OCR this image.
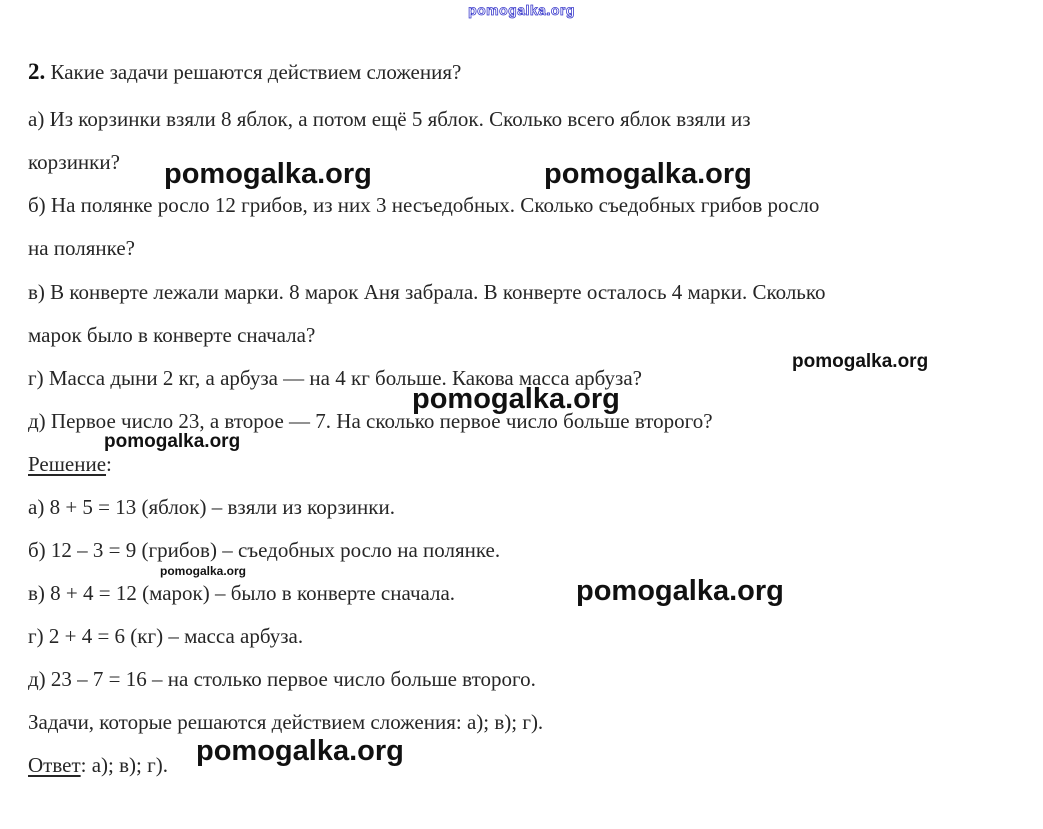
pomogalka.org
2. Какие задачи решаются действием сложения?
а) Из корзинки взяли 8 яблок, а потом ещё 5 яблок. Сколько всего яблок взяли из
корзинки?
б) На полянке росло 12 грибов, из них 3 несъедобных. Сколько съедобных грибов росло
на полянке?
в) В конверте лежали марки. 8 марок Аня забрала. В конверте осталось 4 марки. Сколько
марок было в конверте сначала?
г) Масса дыни 2 кг, а арбуза — на 4 кг больше. Какова масса арбуза?
д) Первое число 23, а второе — 7. На сколько первое число больше второго?
Решение:
а) 8 + 5 = 13 (яблок) – взяли из корзинки.
б) 12 – 3 = 9 (грибов) – съедобных росло на полянке.
в) 8 + 4 = 12 (марок) – было в конверте сначала.
г) 2 + 4 = 6 (кг) – масса арбуза.
д) 23 – 7 = 16 – на столько первое число больше второго.
Задачи, которые решаются действием сложения: а); в); г).
Ответ: а); в); г).
pomogalka.org	pomogalka.org
pomogalka.org
pomogalka.org
pomogalka.org
pomogalka.org
pomogalka.org
pomogalka.org
